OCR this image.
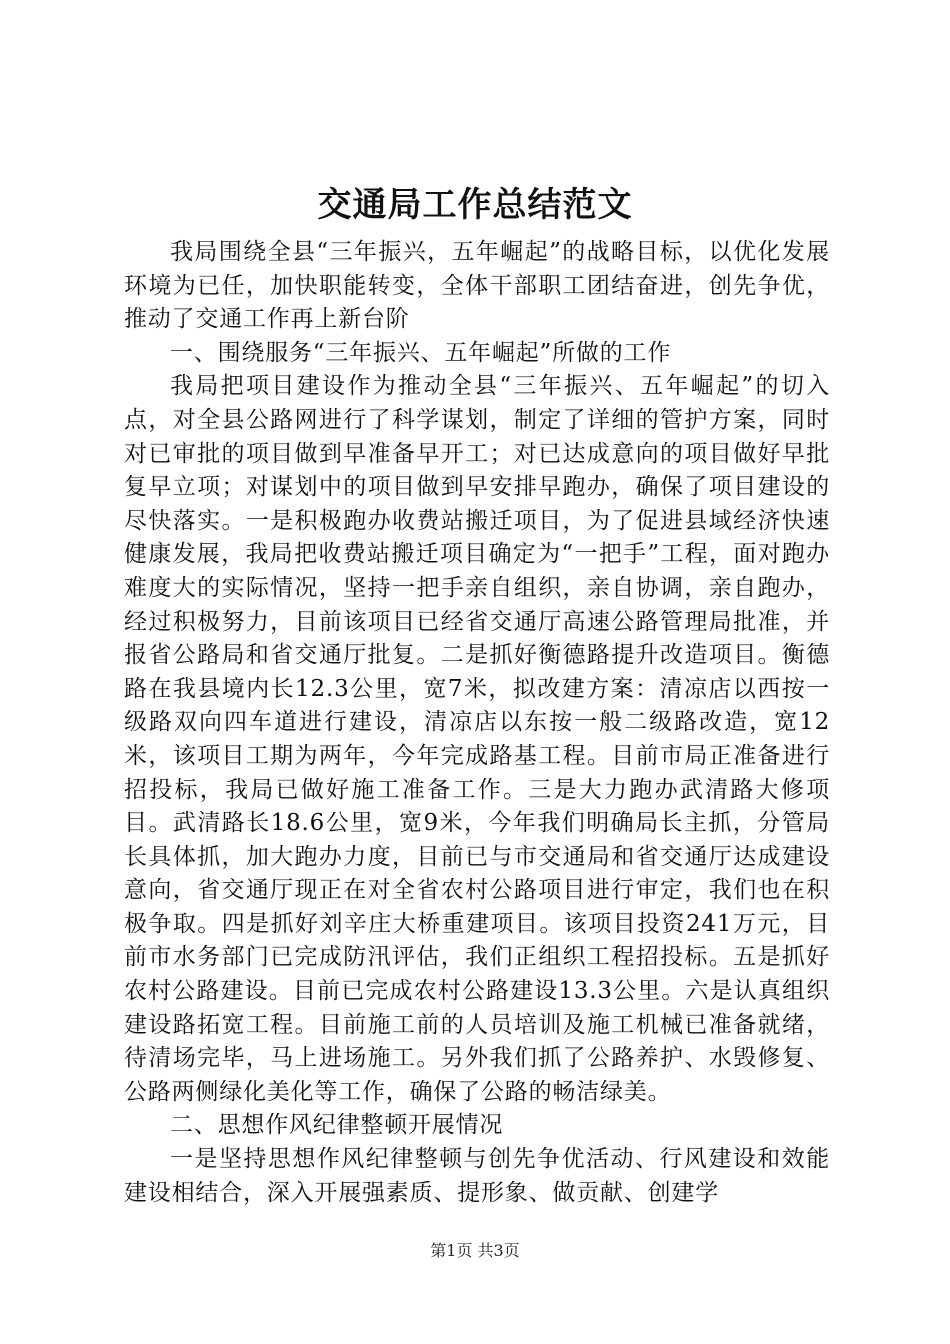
交通局工作总结范文

我局围绕全县“三年振兴，五年崛起”的战略目标，以优化发展环境为已任，加快职能转变，全体干部职工团结奋进，创先争优，推动了交通工作再上新台阶

一、围绕服务“三年振兴、五年崛起”所做的工作

我局把项目建设作为推动全县“三年振兴、五年崛起”的切入点，对全县公路网进行了科学谋划，制定了详细的管护方案，同时对已审批的项目做到早准备早开工；对已达成意向的项目做好早批复早立项；对谋划中的项目做到早安排早跑办，确保了项目建设的尽快落实。一是积极跑办收费站搬迁项目，为了促进县域经济快速健康发展，我局把收费站搬迁项目确定为“一把手”工程，面对跑办难度大的实际情况，坚持一把手亲自组织，亲自协调，亲自跑办，经过积极努力，目前该项目已经省交通厅高速公路管理局批准，并报省公路局和省交通厅批复。二是抓好衡德路提升改造项目。衡德路在我县境内长12.3公里，宽7米，拟改建方案：清凉店以西按一级路双向四车道进行建设，清凉店以东按一般二级路改造，宽12米，该项目工期为两年，今年完成路基工程。目前市局正准备进行招投标，我局已做好施工准备工作。三是大力跑办武清路大修项目。武清路长18.6公里，宽9米，今年我们明确局长主抓，分管局长具体抓，加大跑办力度，目前已与市交通局和省交通厅达成建设意向，省交通厅现正在对全省农村公路项目进行审定，我们也在积极争取。四是抓好刘辛庄大桥重建项目。该项目投资241万元，目前市水务部门已完成防汛评估，我们正组织工程招投标。五是抓好农村公路建设。目前已完成农村公路建设13.3公里。六是认真组织建设路拓宽工程。目前施工前的人员培训及施工机械已准备就绪，待清场完毕，马上进场施工。另外我们抓了公路养护、水毁修复、公路两侧绿化美化等工作，确保了公路的畅洁绿美。

二、思想作风纪律整顿开展情况

一是坚持思想作风纪律整顿与创先争优活动、行风建设和效能建设相结合，深入开展强素质、提形象、做贡献、创建学

第1页 共3页
